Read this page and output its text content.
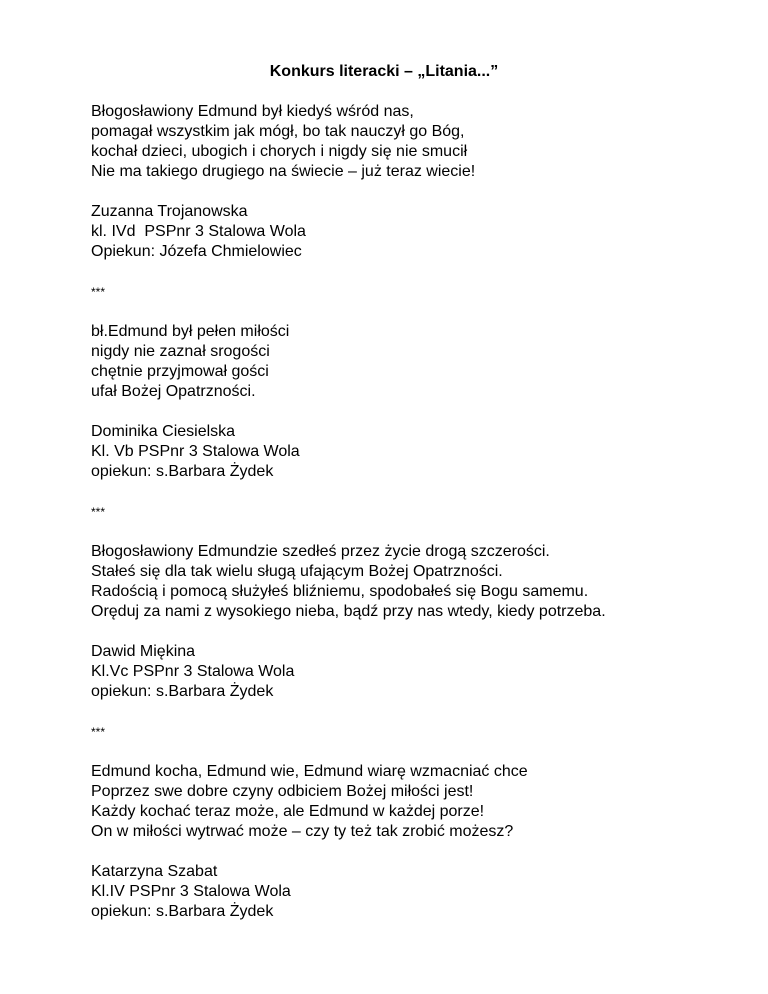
Konkurs literacki – „Litania...”
Błogosławiony Edmund był kiedyś wśród nas,
pomagał wszystkim jak mógł, bo tak nauczył go Bóg,
kochał dzieci, ubogich i chorych i nigdy się nie smucił
Nie ma takiego drugiego na świecie – już teraz wiecie!
Zuzanna Trojanowska
kl. IVd  PSPnr 3 Stalowa Wola
Opiekun: Józefa Chmielowiec
***
bł.Edmund był pełen miłości
nigdy nie zaznał srogości
chętnie przyjmował gości
ufał Bożej Opatrzności.
Dominika Ciesielska
Kl. Vb PSPnr 3 Stalowa Wola
opiekun: s.Barbara Żydek
***
Błogosławiony Edmundzie szedłeś przez życie drogą szczerości.
Stałeś się dla tak wielu sługą ufającym Bożej Opatrzności.
Radością i pomocą służyłeś bliźniemu, spodobałeś się Bogu samemu.
Oręduj za nami z wysokiego nieba, bądź przy nas wtedy, kiedy potrzeba.
Dawid Miękina
Kl.Vc PSPnr 3 Stalowa Wola
opiekun: s.Barbara Żydek
***
Edmund kocha, Edmund wie, Edmund wiarę wzmacniać chce
Poprzez swe dobre czyny odbiciem Bożej miłości jest!
Każdy kochać teraz może, ale Edmund w każdej porze!
On w miłości wytrwać może – czy ty też tak zrobić możesz?
Katarzyna Szabat
Kl.IV PSPnr 3 Stalowa Wola
opiekun: s.Barbara Żydek
